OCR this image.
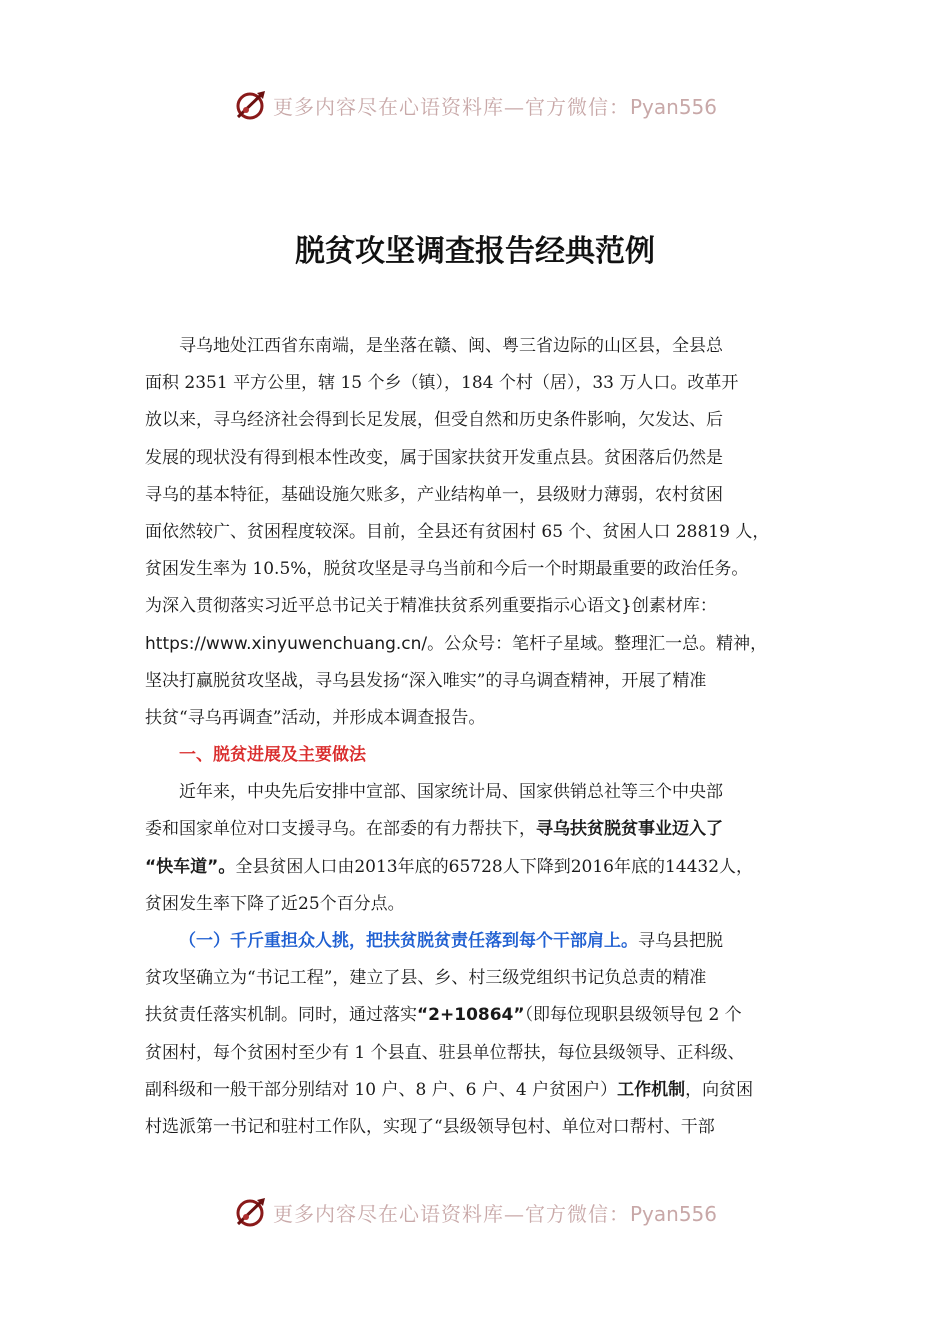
更多内容尽在心语资料库—官方微信：Pyan556
脱贫攻坚调查报告经典范例
寻乌地处江西省东南端，是坐落在赣、闽、粤三省边际的山区县，全县总
面积 2351 平方公里，辖 15 个乡（镇），184 个村（居），33 万人口。改革开
放以来，寻乌经济社会得到长足发展，但受自然和历史条件影响，欠发达、后
发展的现状没有得到根本性改变，属于国家扶贫开发重点县。贫困落后仍然是
寻乌的基本特征，基础设施欠账多，产业结构单一，县级财力薄弱，农村贫困
面依然较广、贫困程度较深。目前，全县还有贫困村 65 个、贫困人口 28819 人，
贫困发生率为 10.5%，脱贫攻坚是寻乌当前和今后一个时期最重要的政治任务。
为深入贯彻落实习近平总书记关于精准扶贫系列重要指示心语文}创素材库：
https://www.xinyuwenchuang.cn/。公众号：笔杆子星域。整理汇一总。精神，
坚决打赢脱贫攻坚战，寻乌县发扬“深入唯实”的寻乌调查精神，开展了精准
扶贫“寻乌再调查”活动，并形成本调查报告。
一、脱贫进展及主要做法
近年来，中央先后安排中宣部、国家统计局、国家供销总社等三个中央部
委和国家单位对口支援寻乌。在部委的有力帮扶下，寻乌扶贫脱贫事业迈入了
“快车道”。全县贫困人口由2013年底的65728人下降到2016年底的14432人，
贫困发生率下降了近25个百分点。
（一）千斤重担众人挑，把扶贫脱贫责任落到每个干部肩上。寻乌县把脱
贫攻坚确立为“书记工程”，建立了县、乡、村三级党组织书记负总责的精准
扶贫责任落实机制。同时，通过落实“2+10864”（即每位现职县级领导包 2 个
贫困村，每个贫困村至少有 1 个县直、驻县单位帮扶，每位县级领导、正科级、
副科级和一般干部分别结对 10 户、8 户、6 户、4 户贫困户）工作机制，向贫困
村选派第一书记和驻村工作队，实现了“县级领导包村、单位对口帮村、干部
更多内容尽在心语资料库—官方微信：Pyan556
